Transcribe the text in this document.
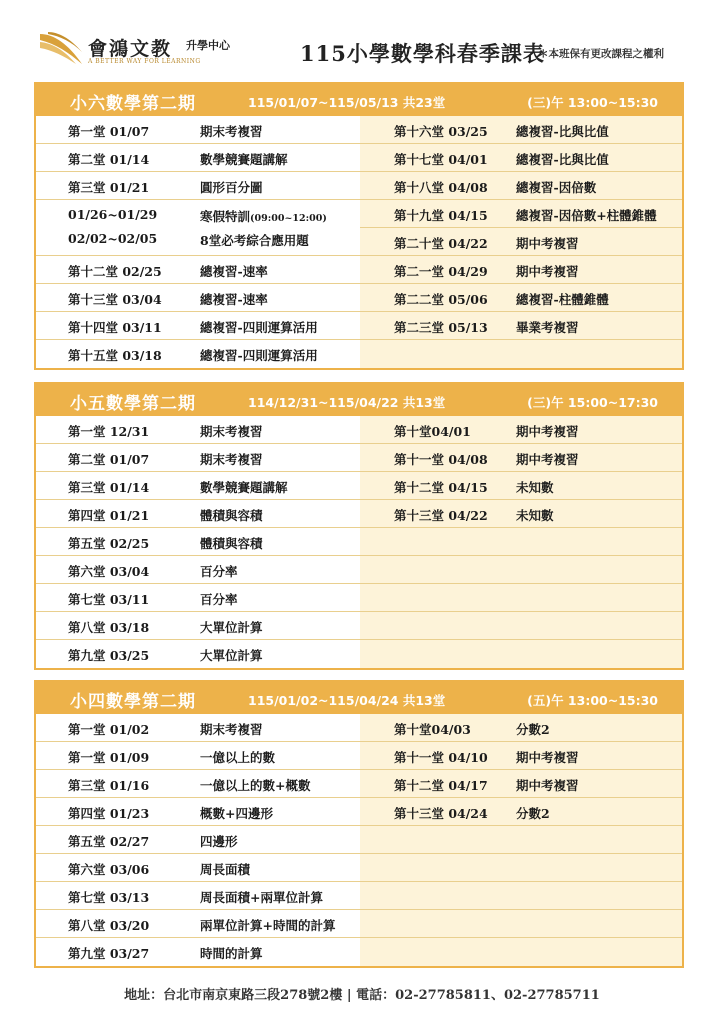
會鴻文教 升學中心
A BETTER WAY FOR LEARNING	115小學數學科春季課表
＊本班保有更改課程之權利
小六數學第二期	115/01/07~115/05/13 共23堂	(三)午 13:00~15:30
第一堂 01/07	期末考複習
第二堂 01/14	數學競賽題講解
第三堂 01/21	圓形百分圖
01/26~01/29	寒假特訓(09:00~12:00)
02/02~02/05	8堂必考綜合應用題
第十二堂 02/25	總複習-速率
第十三堂 03/04	總複習-速率
第十四堂 03/11	總複習-四則運算活用
第十五堂 03/18	總複習-四則運算活用
第十六堂 03/25 總複習-比與比值
第十七堂 04/01 總複習-比與比值
第十八堂 04/08 總複習-因倍數
第十九堂 04/15 總複習-因倍數+柱體錐體
第二十堂 04/22 期中考複習
第二一堂 04/29 期中考複習
第二二堂 05/06 總複習-柱體錐體
第二三堂 05/13 畢業考複習
小五數學第二期	114/12/31~115/04/22 共13堂	(三)午 15:00~17:30
第一堂 12/31	期末考複習
第二堂 01/07	期末考複習
第三堂 01/14	數學競賽題講解
第四堂 01/21	體積與容積
第五堂 02/25	體積與容積
第六堂 03/04	百分率
第七堂 03/11	百分率
第八堂 03/18	大單位計算
第九堂 03/25	大單位計算
第十堂04/01	期中考複習
第十一堂 04/08 期中考複習
第十二堂 04/15 未知數
第十三堂 04/22 未知數
小四數學第二期	115/01/02~115/04/24 共13堂	(五)午 13:00~15:30
第一堂 01/02	期末考複習
第一堂 01/09	一億以上的數
第三堂 01/16	一億以上的數+概數
第四堂 01/23	概數+四邊形
第五堂 02/27	四邊形
第六堂 03/06	周長面積
第七堂 03/13	周長面積+兩單位計算
第八堂 03/20	兩單位計算+時間的計算
第九堂 03/27	時間的計算
第十堂04/03	分數2
第十一堂 04/10 期中考複習
第十二堂 04/17 期中考複習
第十三堂 04/24 分數2
地址：台北市南京東路三段278號2樓 | 電話：02-27785811、02-27785711
